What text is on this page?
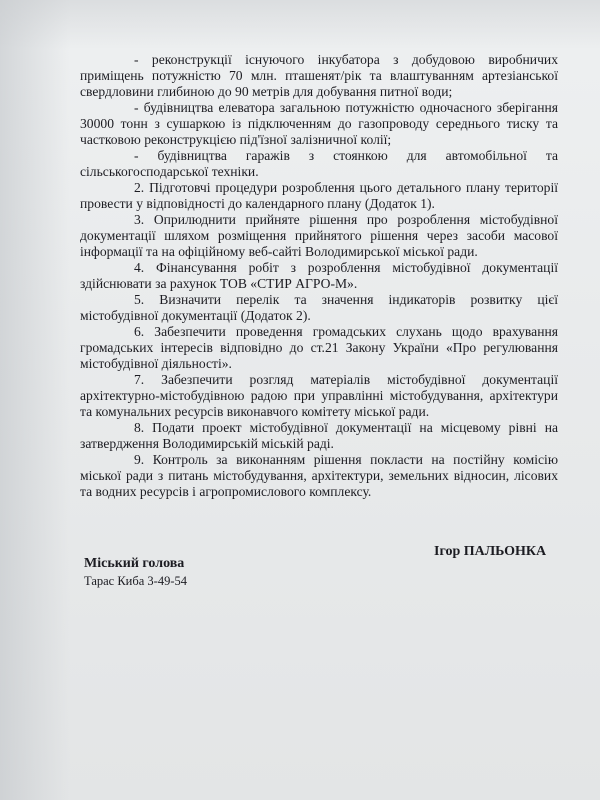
- реконструкції існуючого інкубатора з добудовою виробничих приміщень потужністю 70 млн. пташенят/рік та влаштуванням артезіанської свердловини глибиною до 90 метрів для добування питної води;

- будівництва елеватора загальною потужністю одночасного зберігання 30000 тонн з сушаркою із підключенням до газопроводу середнього тиску та частковою реконструкцією під'їзної залізничної колії;

- будівництва гаражів з стоянкою для автомобільної та сільськогосподарської техніки.

2. Підготовчі процедури розроблення цього детального плану території провести у відповідності до календарного плану (Додаток 1).

3. Оприлюднити прийняте рішення про розроблення містобудівної документації шляхом розміщення прийнятого рішення через засоби масової інформації та на офіційному веб-сайті Володимирської міської ради.

4. Фінансування робіт з розроблення містобудівної документації здійснювати за рахунок ТОВ «СТИР АГРО-М».

5. Визначити перелік та значення індикаторів розвитку цієї містобудівної документації (Додаток 2).

6. Забезпечити проведення громадських слухань щодо врахування громадських інтересів відповідно до ст.21 Закону України «Про регулювання містобудівної діяльності».

7. Забезпечити розгляд матеріалів містобудівної документації архітектурно-містобудівною радою при управлінні містобудування, архітектури та комунальних ресурсів виконавчого комітету міської ради.

8. Подати проект містобудівної документації на місцевому рівні на затвердження Володимирській міській раді.

9. Контроль за виконанням рішення покласти на постійну комісію міської ради з питань містобудування, архітектури, земельних відносин, лісових та водних ресурсів і агропромислового комплексу.

Міський голова
Ігор ПАЛЬОНКА
Тарас Киба 3-49-54
